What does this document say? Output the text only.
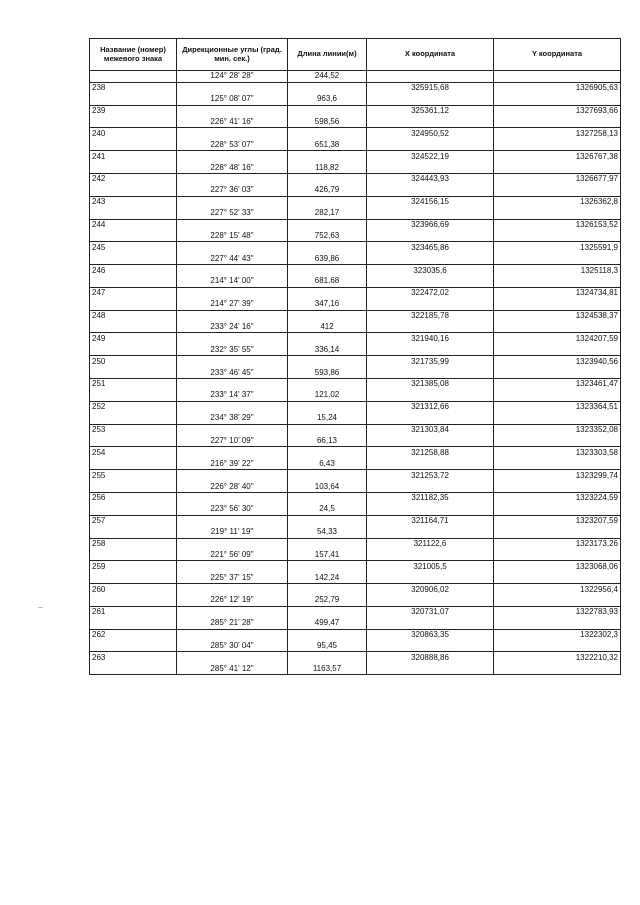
Название (номер) межевого знака	Дирекционные углы (град. мин. сек.)	Длина линии(м)	X координата	Y координата
	124° 28' 28"	244,52		
238			325915,68	1326905,63
	125° 08' 07"	963,6		
239			325361,12	1327693,66
	226° 41' 16"	598,56		
240			324950,52	1327258,13
	228° 53' 07"	651,38		
241			324522,19	1326767,38
	228° 48' 16"	118,82		
242			324443,93	1326677,97
	227° 36' 03"	426,79		
243			324156,15	1326362,8
	227° 52' 33"	282,17		
244			323966,69	1326153,52
	228° 15' 48"	752,63		
245			323465,86	1325591,9
	227° 44' 43"	639,86		
246			323035,6	1325118,3
	214° 14' 00"	681,68		
247			322472,02	1324734,81
	214° 27' 39"	347,16		
248			322185,78	1324538,37
	233° 24' 16"	412		
249			321940,16	1324207,59
	232° 35' 55"	336,14		
250			321735,99	1323940,56
	233° 46' 45"	593,86		
251			321385,08	1323461,47
	233° 14' 37"	121,02		
252			321312,66	1323364,51
	234° 38' 29"	15,24		
253			321303,84	1323352,08
	227° 10' 09"	66,13		
254			321258,88	1323303,58
	216° 39' 22"	6,43		
255			321253,72	1323299,74
	226° 28' 40"	103,64		
256			321182,35	1323224,59
	223° 56' 30"	24,5		
257			321164,71	1323207,59
	219° 11' 19"	54,33		
258			321122,6	1323173,26
	221° 56' 09"	157,41		
259			321005,5	1323068,06
	225° 37' 15"	142,24		
260			320906,02	1322956,4
	226° 12' 19"	252,79		
261			320731,07	1322783,93
	285° 21' 28"	499,47		
262			320863,35	1322302,3
	285° 30' 04"	95,45		
263			320888,86	1322210,32
	285° 41' 12"	1163,57		
